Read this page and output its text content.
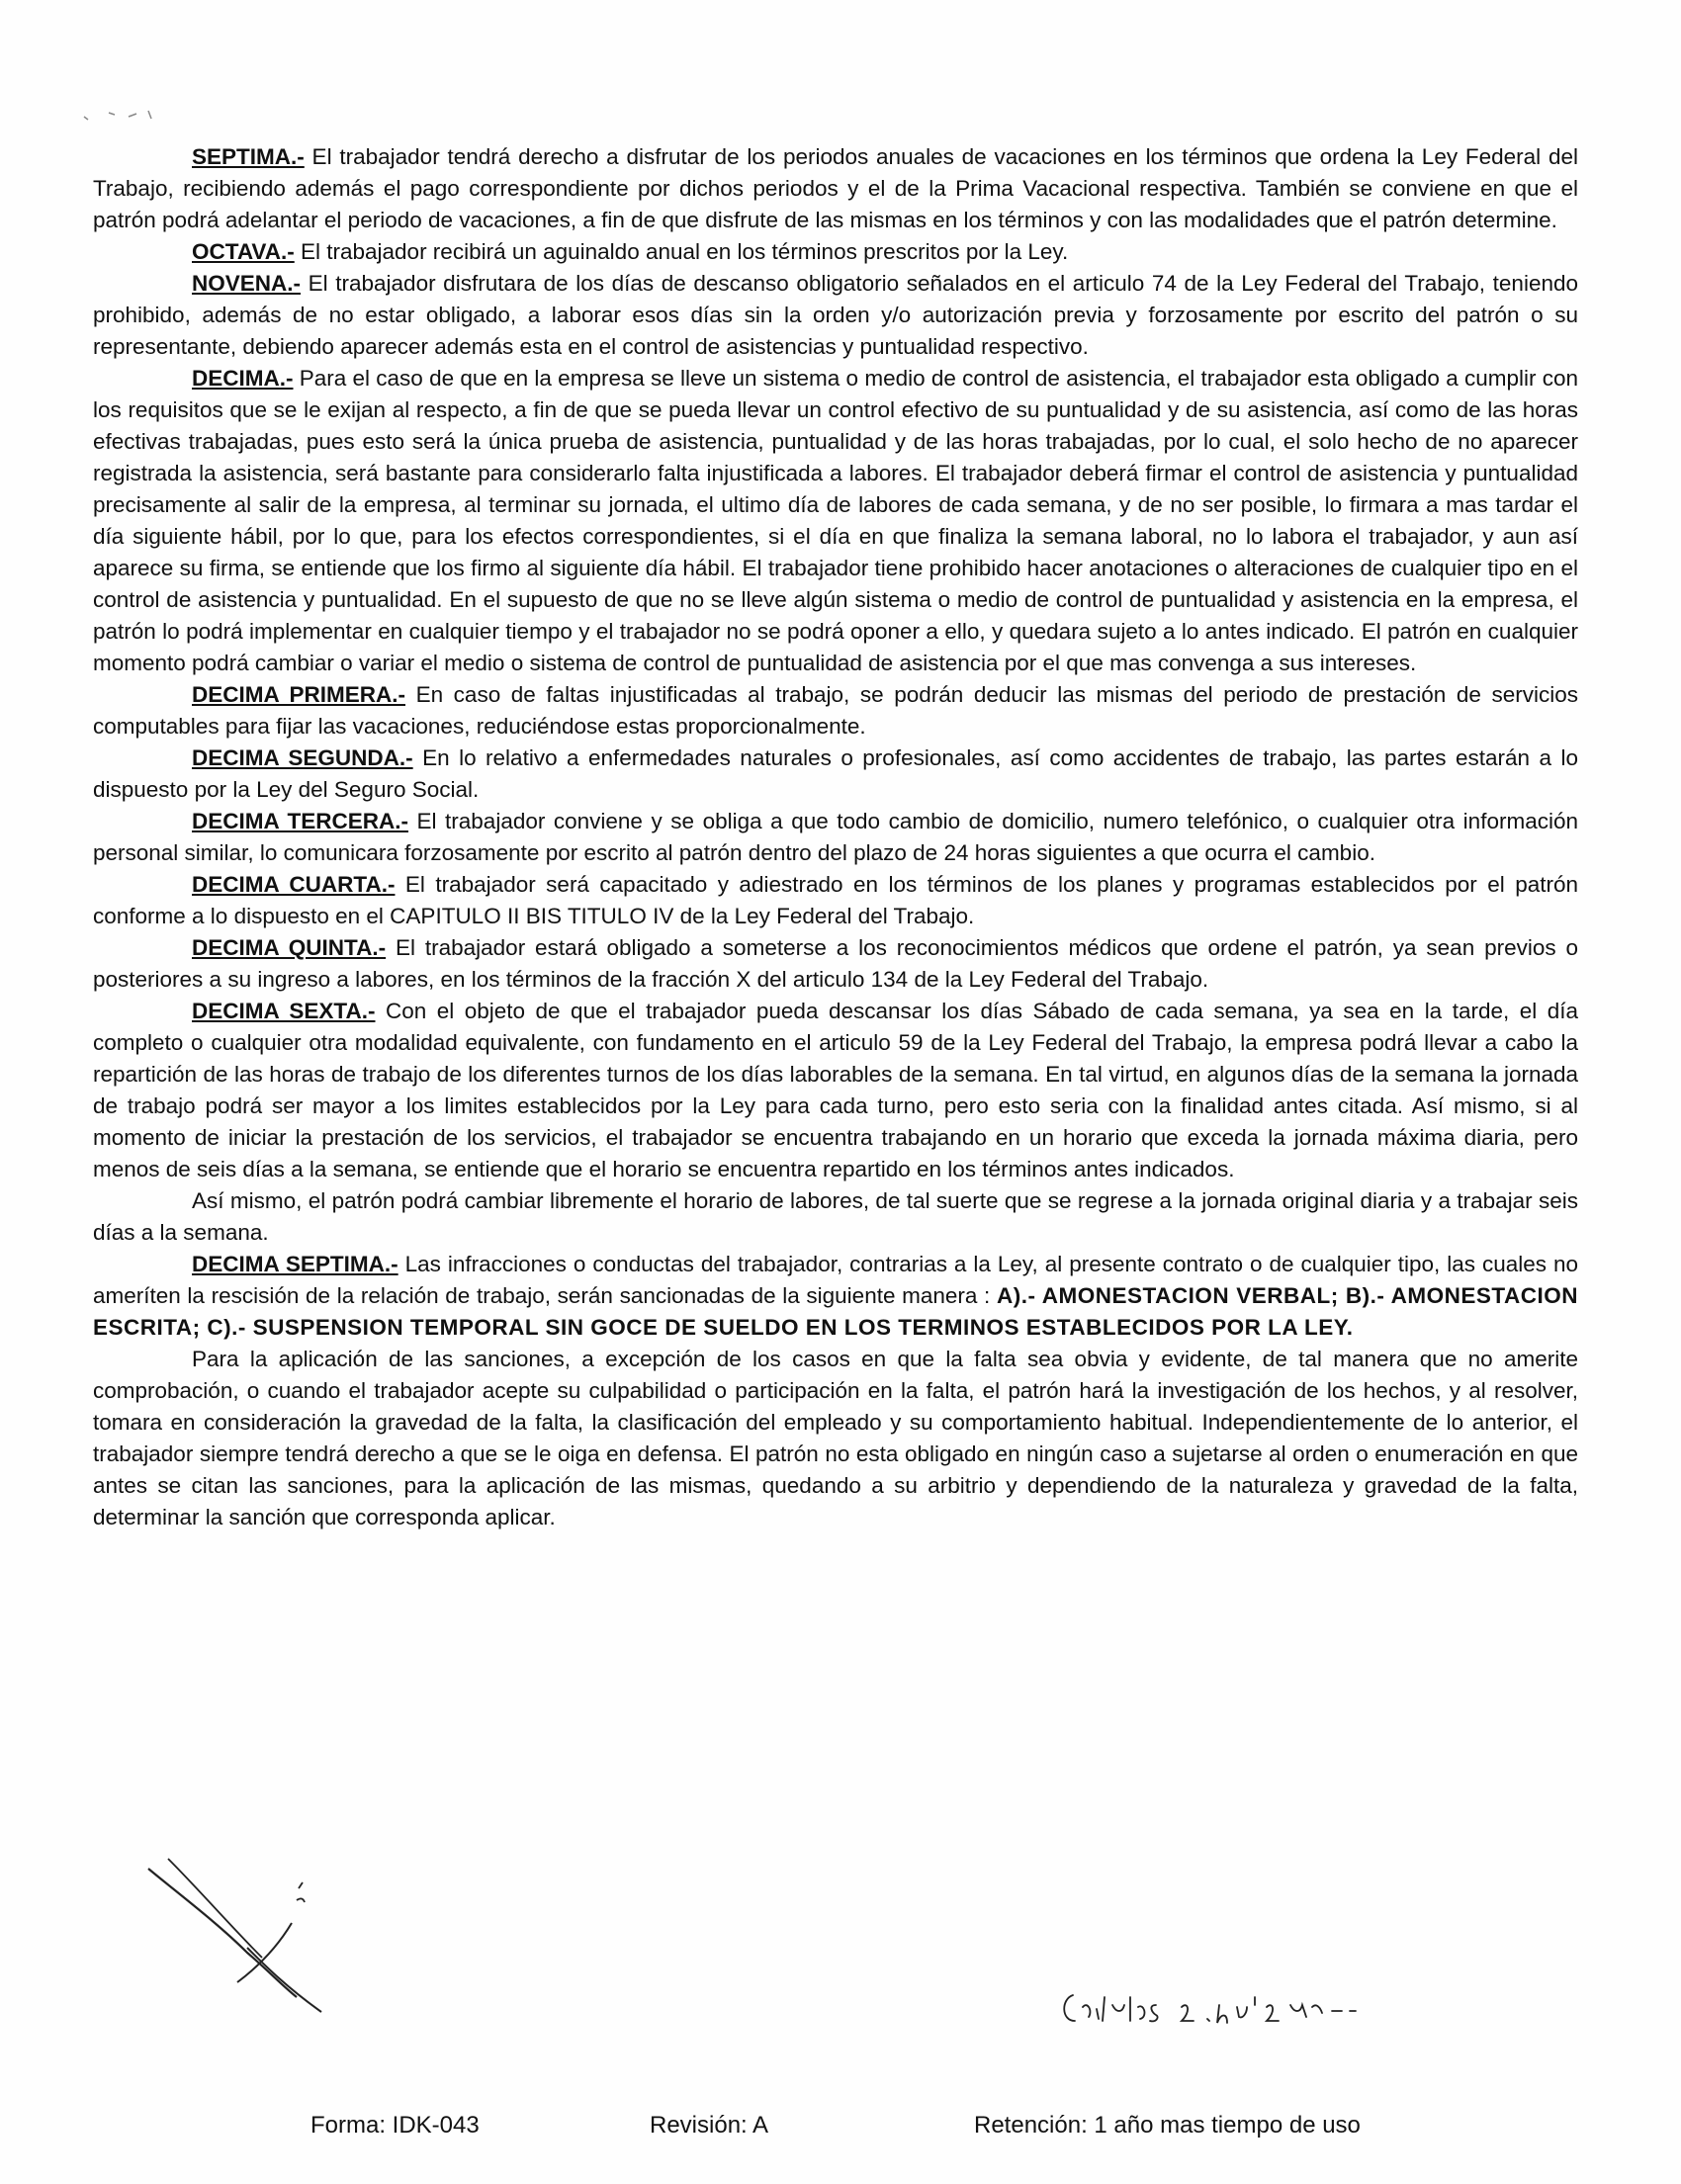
SEPTIMA.- El trabajador tendrá derecho a disfrutar de los periodos anuales de vacaciones en los términos que ordena la Ley Federal del Trabajo, recibiendo además el pago correspondiente por dichos periodos y el de la Prima Vacacional respectiva. También se conviene en que el patrón podrá adelantar el periodo de vacaciones, a fin de que disfrute de las mismas en los términos y con las modalidades que el patrón determine.

OCTAVA.- El trabajador recibirá un aguinaldo anual en los términos prescritos por la Ley.

NOVENA.- El trabajador disfrutara de los días de descanso obligatorio señalados en el articulo 74 de la Ley Federal del Trabajo, teniendo prohibido, además de no estar obligado, a laborar esos días sin la orden y/o autorización previa y forzosamente por escrito del patrón o su representante, debiendo aparecer además esta en el control de asistencias y puntualidad respectivo.

DECIMA.- Para el caso de que en la empresa se lleve un sistema o medio de control de asistencia, el trabajador esta obligado a cumplir con los requisitos que se le exijan al respecto, a fin de que se pueda llevar un control efectivo de su puntualidad y de su asistencia, así como de las horas efectivas trabajadas, pues esto será la única prueba de asistencia, puntualidad y de las horas trabajadas, por lo cual, el solo hecho de no aparecer registrada la asistencia, será bastante para considerarlo falta injustificada a labores. El trabajador deberá firmar el control de asistencia y puntualidad precisamente al salir de la empresa, al terminar su jornada, el ultimo día de labores de cada semana, y de no ser posible, lo firmara a mas tardar el día siguiente hábil, por lo que, para los efectos correspondientes, si el día en que finaliza la semana laboral, no lo labora el trabajador, y aun así aparece su firma, se entiende que los firmo al siguiente día hábil. El trabajador tiene prohibido hacer anotaciones o alteraciones de cualquier tipo en el control de asistencia y puntualidad. En el supuesto de que no se lleve algún sistema o medio de control de puntualidad y asistencia en la empresa, el patrón lo podrá implementar en cualquier tiempo y el trabajador no se podrá oponer a ello, y quedara sujeto a lo antes indicado. El patrón en cualquier momento podrá cambiar o variar el medio o sistema de control de puntualidad de asistencia por el que mas convenga a sus intereses.

DECIMA PRIMERA.- En caso de faltas injustificadas al trabajo, se podrán deducir las mismas del periodo de prestación de servicios computables para fijar las vacaciones, reduciéndose estas proporcionalmente.

DECIMA SEGUNDA.- En lo relativo a enfermedades naturales o profesionales, así como accidentes de trabajo, las partes estarán a lo dispuesto por la Ley del Seguro Social.

DECIMA TERCERA.- El trabajador conviene y se obliga a que todo cambio de domicilio, numero telefónico, o cualquier otra información personal similar, lo comunicara forzosamente por escrito al patrón dentro del plazo de 24 horas siguientes a que ocurra el cambio.

DECIMA CUARTA.- El trabajador será capacitado y adiestrado en los términos de los planes y programas establecidos por el patrón conforme a lo dispuesto en el CAPITULO II BIS TITULO IV de la Ley Federal del Trabajo.

DECIMA QUINTA.- El trabajador estará obligado a someterse a los reconocimientos médicos que ordene el patrón, ya sean previos o posteriores a su ingreso a labores, en los términos de la fracción X del articulo 134 de la Ley Federal del Trabajo.

DECIMA SEXTA.- Con el objeto de que el trabajador pueda descansar los días Sábado de cada semana, ya sea en la tarde, el día completo o cualquier otra modalidad equivalente, con fundamento en el articulo 59 de la Ley Federal del Trabajo, la empresa podrá llevar a cabo la repartición de las horas de trabajo de los diferentes turnos de los días laborables de la semana. En tal virtud, en algunos días de la semana la jornada de trabajo podrá ser mayor a los limites establecidos por la Ley para cada turno, pero esto seria con la finalidad antes citada. Así mismo, si al momento de iniciar la prestación de los servicios, el trabajador se encuentra trabajando en un horario que exceda la jornada máxima diaria, pero menos de seis días a la semana, se entiende que el horario se encuentra repartido en los términos antes indicados.

Así mismo, el patrón podrá cambiar libremente el horario de labores, de tal suerte que se regrese a la jornada original diaria y a trabajar seis días a la semana.

DECIMA SEPTIMA.- Las infracciones o conductas del trabajador, contrarias a la Ley, al presente contrato o de cualquier tipo, las cuales no ameríten la rescisión de la relación de trabajo, serán sancionadas de la siguiente manera : A).- AMONESTACION VERBAL; B).- AMONESTACION ESCRITA; C).- SUSPENSION TEMPORAL SIN GOCE DE SUELDO EN LOS TERMINOS ESTABLECIDOS POR LA LEY.

Para la aplicación de las sanciones, a excepción de los casos en que la falta sea obvia y evidente, de tal manera que no amerite comprobación, o cuando el trabajador acepte su culpabilidad o participación en la falta, el patrón hará la investigación de los hechos, y al resolver, tomara en consideración la gravedad de la falta, la clasificación del empleado y su comportamiento habitual. Independientemente de lo anterior, el trabajador siempre tendrá derecho a que se le oiga en defensa. El patrón no esta obligado en ningún caso a sujetarse al orden o enumeración en que antes se citan las sanciones, para la aplicación de las mismas, quedando a su arbitrio y dependiendo de la naturaleza y gravedad de la falta, determinar la sanción que corresponda aplicar.

Forma: IDK-043	Revisión: A	Retención: 1 año mas tiempo de uso
